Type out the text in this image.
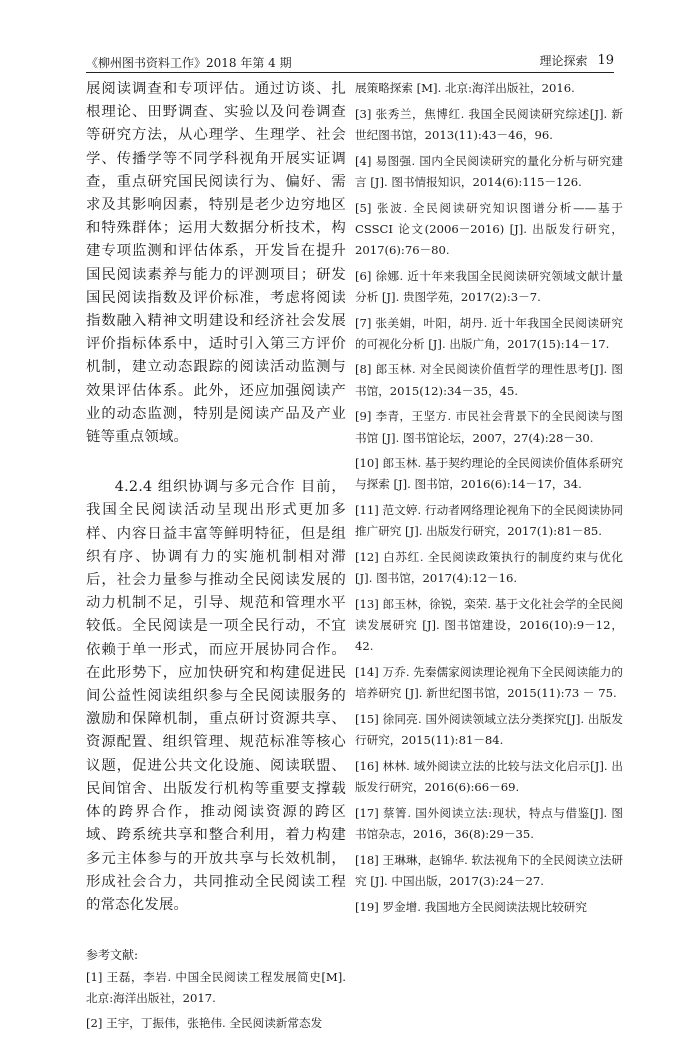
《柳州图书资料工作》2018 年第 4 期	理论探索 19

展阅读调查和专项评估。通过访谈、扎根理论、田野调查、实验以及问卷调查等研究方法，从心理学、生理学、社会学、传播学等不同学科视角开展实证调查，重点研究国民阅读行为、偏好、需求及其影响因素，特别是老少边穷地区和特殊群体；运用大数据分析技术，构建专项监测和评估体系，开发旨在提升国民阅读素养与能力的评测项目；研发国民阅读指数及评价标准，考虑将阅读指数融入精神文明建设和经济社会发展评价指标体系中，适时引入第三方评价机制，建立动态跟踪的阅读活动监测与效果评估体系。此外，还应加强阅读产业的动态监测，特别是阅读产品及产业链等重点领域。

4.2.4 组织协调与多元合作 目前，我国全民阅读活动呈现出形式更加多样、内容日益丰富等鲜明特征，但是组织有序、协调有力的实施机制相对滞后，社会力量参与推动全民阅读发展的动力机制不足，引导、规范和管理水平较低。全民阅读是一项全民行动，不宜依赖于单一形式，而应开展协同合作。在此形势下，应加快研究和构建促进民间公益性阅读组织参与全民阅读服务的激励和保障机制，重点研讨资源共享、资源配置、组织管理、规范标准等核心议题，促进公共文化设施、阅读联盟、民间馆舍、出版发行机构等重要支撑载体的跨界合作，推动阅读资源的跨区域、跨系统共享和整合利用，着力构建多元主体参与的开放共享与长效机制，形成社会合力，共同推动全民阅读工程的常态化发展。

参考文献:

[1] 王磊，李岩. 中国全民阅读工程发展简史[M]. 北京:海洋出版社，2017.

[2] 王宇，丁振伟，张艳伟. 全民阅读新常态发

展策略探索 [M]. 北京:海洋出版社，2016.

[3] 张秀兰，焦博红. 我国全民阅读研究综述[J]. 新世纪图书馆，2013(11):43－46，96.

[4] 易图强. 国内全民阅读研究的量化分析与研究建言 [J]. 图书情报知识，2014(6):115－126.

[5] 张波. 全民阅读研究知识图谱分析——基于CSSCI 论文(2006－2016) [J]. 出版发行研究，2017(6):76－80.

[6] 徐娜. 近十年来我国全民阅读研究领域文献计量分析 [J]. 贵图学苑，2017(2):3－7.

[7] 张美娟，叶阳，胡丹. 近十年我国全民阅读研究的可视化分析 [J]. 出版广角，2017(15):14－17.

[8] 郎玉林. 对全民阅读价值哲学的理性思考[J]. 图书馆，2015(12):34－35，45.

[9] 李青，王坚方. 市民社会背景下的全民阅读与图书馆 [J]. 图书馆论坛，2007，27(4):28－30.

[10] 郎玉林. 基于契约理论的全民阅读价值体系研究与探索 [J]. 图书馆，2016(6):14－17，34.

[11] 范文婷. 行动者网络理论视角下的全民阅读协同推广研究 [J]. 出版发行研究，2017(1):81－85.

[12] 白苏红. 全民阅读政策执行的制度约束与优化 [J]. 图书馆，2017(4):12－16.

[13] 郎玉林，徐锐，栾荣. 基于文化社会学的全民阅读发展研究 [J]. 图书馆建设，2016(10):9－12，42.

[14] 万乔. 先秦儒家阅读理论视角下全民阅读能力的培养研究 [J]. 新世纪图书馆，2015(11):73 － 75.

[15] 徐同亮. 国外阅读领域立法分类探究[J]. 出版发行研究，2015(11):81－84.

[16] 林林. 域外阅读立法的比较与法文化启示[J]. 出版发行研究，2016(6):66－69.

[17] 蔡箐. 国外阅读立法:现状，特点与借鉴[J]. 图书馆杂志，2016，36(8):29－35.

[18] 王琳琳，赵锦华. 软法视角下的全民阅读立法研究 [J]. 中国出版，2017(3):24－27.

[19] 罗金增. 我国地方全民阅读法规比较研究
